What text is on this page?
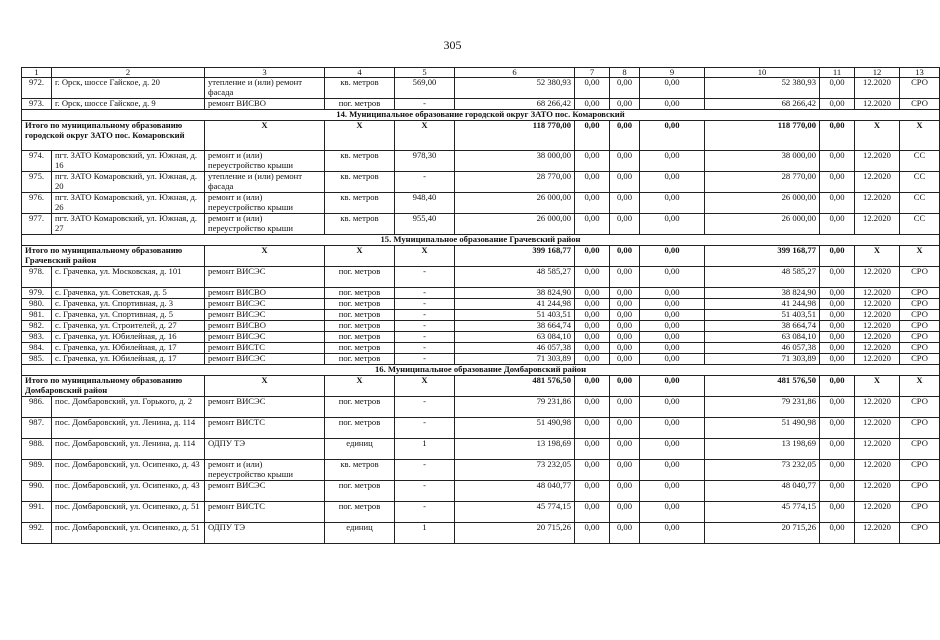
305
1	2	3	4	5	6	7	8	9	10	11	12	13
972.	г. Орск, шоссе Гайское, д. 20	утепление и (или) ремонт фасада	кв. метров	569,00	52 380,93	0,00	0,00	0,00	52 380,93	0,00	12.2020	СРО
973.	г. Орск, шоссе Гайское, д. 9	ремонт ВИСВО	пог. метров	-	68 266,42	0,00	0,00	0,00	68 266,42	0,00	12.2020	СРО
14. Муниципальное образование городской округ ЗАТО пос. Комаровский												
Итого по муниципальному образованию городской округ ЗАТО пос. Комаровский		X	X	X	118 770,00	0,00	0,00	0,00	118 770,00	0,00	X	X
974.	пгт. ЗАТО Комаровский, ул. Южная, д. 16	ремонт и (или) переустройство крыши	кв. метров	978,30	38 000,00	0,00	0,00	0,00	38 000,00	0,00	12.2020	СС
975.	пгт. ЗАТО Комаровский, ул. Южная, д. 20	утепление и (или) ремонт фасада	кв. метров	-	28 770,00	0,00	0,00	0,00	28 770,00	0,00	12.2020	СС
976.	пгт. ЗАТО Комаровский, ул. Южная, д. 26	ремонт и (или) переустройство крыши	кв. метров	948,40	26 000,00	0,00	0,00	0,00	26 000,00	0,00	12.2020	СС
977.	пгт. ЗАТО Комаровский, ул. Южная, д. 27	ремонт и (или) переустройство крыши	кв. метров	955,40	26 000,00	0,00	0,00	0,00	26 000,00	0,00	12.2020	СС
15. Муниципальное образование Грачевский район												
Итого по муниципальному образованию Грачевский район		X	X	X	399 168,77	0,00	0,00	0,00	399 168,77	0,00	X	X
978.	с. Грачевка, ул. Московская, д. 101	ремонт ВИСЭС	пог. метров	-	48 585,27	0,00	0,00	0,00	48 585,27	0,00	12.2020	СРО
979.	с. Грачевка, ул. Советская, д. 5	ремонт ВИСВО	пог. метров	-	38 824,90	0,00	0,00	0,00	38 824,90	0,00	12.2020	СРО
980.	с. Грачевка, ул. Спортивная, д. 3	ремонт ВИСЭС	пог. метров	-	41 244,98	0,00	0,00	0,00	41 244,98	0,00	12.2020	СРО
981.	с. Грачевка, ул. Спортивная, д. 5	ремонт ВИСЭС	пог. метров	-	51 403,51	0,00	0,00	0,00	51 403,51	0,00	12.2020	СРО
982.	с. Грачевка, ул. Строителей, д. 27	ремонт ВИСВО	пог. метров	-	38 664,74	0,00	0,00	0,00	38 664,74	0,00	12.2020	СРО
983.	с. Грачевка, ул. Юбилейная, д. 16	ремонт ВИСЭС	пог. метров	-	63 084,10	0,00	0,00	0,00	63 084,10	0,00	12.2020	СРО
984.	с. Грачевка, ул. Юбилейная, д. 17	ремонт ВИСТС	пог. метров	-	46 057,38	0,00	0,00	0,00	46 057,38	0,00	12.2020	СРО
985.	с. Грачевка, ул. Юбилейная, д. 17	ремонт ВИСЭС	пог. метров	-	71 303,89	0,00	0,00	0,00	71 303,89	0,00	12.2020	СРО
16. Муниципальное образование Домбаровский район												
Итого по муниципальному образованию Домбаровский район		X	X	X	481 576,50	0,00	0,00	0,00	481 576,50	0,00	X	X
986.	пос. Домбаровский, ул. Горького, д. 2	ремонт ВИСЭС	пог. метров	-	79 231,86	0,00	0,00	0,00	79 231,86	0,00	12.2020	СРО
987.	пос. Домбаровский, ул. Ленина, д. 114	ремонт ВИСТС	пог. метров	-	51 490,98	0,00	0,00	0,00	51 490,98	0,00	12.2020	СРО
988.	пос. Домбаровский, ул. Ленина, д. 114	ОДПУ ТЭ	единиц	1	13 198,69	0,00	0,00	0,00	13 198,69	0,00	12.2020	СРО
989.	пос. Домбаровский, ул. Осипенко, д. 43	ремонт и (или) переустройство крыши	кв. метров	-	73 232,05	0,00	0,00	0,00	73 232,05	0,00	12.2020	СРО
990.	пос. Домбаровский, ул. Осипенко, д. 43	ремонт ВИСЭС	пог. метров	-	48 040,77	0,00	0,00	0,00	48 040,77	0,00	12.2020	СРО
991.	пос. Домбаровский, ул. Осипенко, д. 51	ремонт ВИСТС	пог. метров	-	45 774,15	0,00	0,00	0,00	45 774,15	0,00	12.2020	СРО
992.	пос. Домбаровский, ул. Осипенко, д. 51	ОДПУ ТЭ	единиц	1	20 715,26	0,00	0,00	0,00	20 715,26	0,00	12.2020	СРО
